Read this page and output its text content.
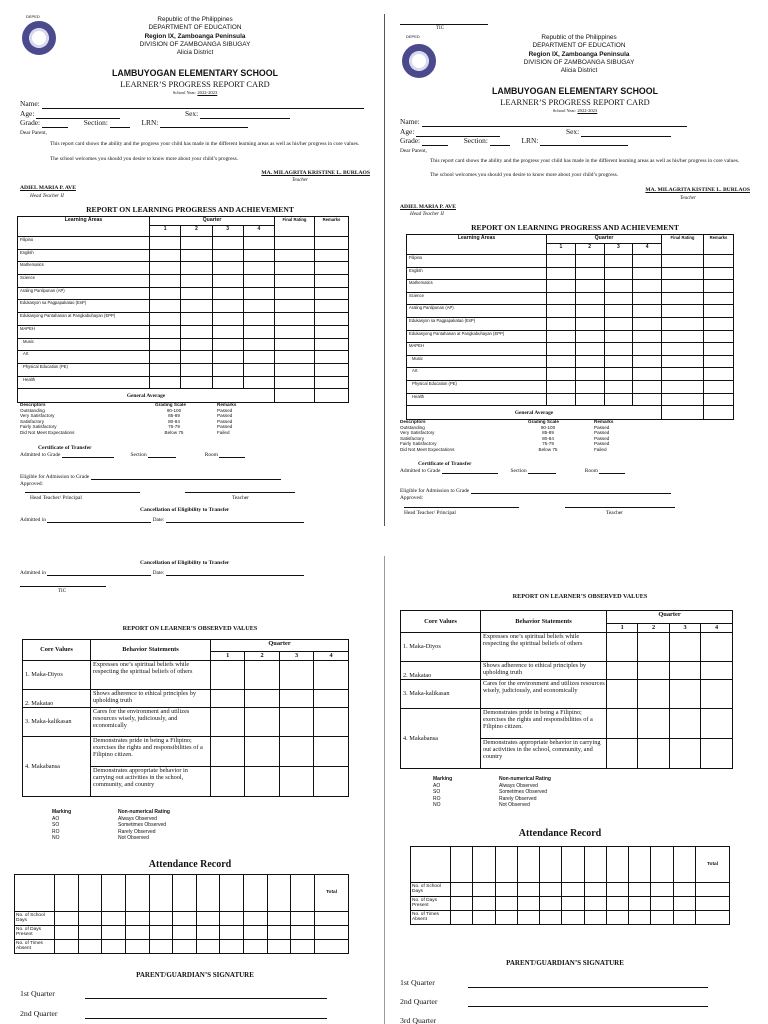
DEPED	Republic of the Philippines
DEPARTMENT OF EDUCATION
Region IX, Zamboanga Peninsula
DIVISION OF ZAMBOANGA SIBUGAY
Alicia District
LAMBUYOGAN ELEMENTARY SCHOOL
LEARNER’S PROGRESS REPORT CARD
School Year: 2022-2023
Name:
Age:	Sex:
Grade:	Section:	LRN:
Dear Parent,
This report card shows the ability and the progress your child has made in the different learning areas as well as his/her progress in core values.
The school welcomes you should you desire to know more about your child’s progress.
MA. MILAGRITA KRISTINE L. BURLAOS
Teacher
ADIEL MARIA P. AVE
Head Teacher II
REPORT ON LEARNING PROGRESS AND ACHIEVEMENT
Learning Areas	Quarter				Final Rating	Remarks
	1	2	3	4		
Filipino						
English						
Mathematics						
Science						
Araling Panlipunan (AP)						
Edukasyon sa Pagpapakatao (EsP)						
Edukasyong Pantahanan at Pangkabuhayan (EPP)						
MAPEH						
Music						
Art						
Physical Education (PE)						
Health						
General Average						
Descriptors	Grading Scale	Remarks
Outstanding	90-100	Passed
Very Satisfactory	85-89	Passed
Satisfactory	80-84	Passed
Fairly Satisfactory	75-79	Passed
Did Not Meet Expectations	Below 75	Failed
Certificate of Transfer
Admitted to Grade	Section	Room
Eligible for Admission to Grade
Approved:
Head Teacher/ Principal	Teacher
Cancellation of Eligibility to Transfer
Admitted in	Date:
TIC
DEPED	Republic of the Philippines
DEPARTMENT OF EDUCATION
Region IX, Zamboanga Peninsula
DIVISION OF ZAMBOANGA SIBUGAY
Alicia District
LAMBUYOGAN ELEMENTARY SCHOOL
LEARNER’S PROGRESS REPORT CARD
School Year: 2022-2023
Name:
Age:	Sex:
Grade:	Section:	LRN:
Dear Parent,
This report card shows the ability and the progress your child has made in the different learning areas as well as his/her progress in core values.
The school welcomes you should you desire to know more about your child’s progress.
MA. MILAGRITA KISTINE L. BURLAOS
Teacher
ADIEL MARIA P. AVE
Head Teacher II
REPORT ON LEARNING PROGRESS AND ACHIEVEMENT
Learning Areas	Quarter				Final Rating	Remarks
	1	2	3	4		
Filipino						
English						
Mathematics						
Science						
Araling Panlipunan (AP)						
Edukasyon sa Pagpapakatao (EsP)						
Edukasyong Pantahanan at Pangkabuhayan (EPP)						
MAPEH						
Music						
Art						
Physical Education (PE)						
Health						
General Average						
Descriptors	Grading Scale	Remarks
Outstanding	90-100	Passed
Very Satisfactory	85-89	Passed
Satisfactory	80-84	Passed
Fairly Satisfactory	75-79	Passed
Did Not Meet Expectations	Below 75	Failed
Certificate of Transfer
Admitted to Grade	Section	Room
Eligible for Admission to Grade
Approved:
Head Teacher/ Principal	Teacher
Cancellation of Eligibility to Transfer
Admitted in	Date:
TIC
REPORT ON LEARNER’S OBSERVED VALUES
Core Values	Behavior Statements	Quarter			
		1	2	3	4
1. Maka-Diyos	Expresses one’s spiritual beliefs while respecting the spiritual beliefs of others				
2. Makatao	Shows adherence to ethical principles by upholding truth				
3. Maka-kalikasan	Cares for the environment and utilizes resources wisely, judiciously, and economically				
4. Makabansa	Demonstrates pride in being a Filipino; exercises the rights and responsibilities of a Filipino citizen.				
	Demonstrates appropriate behavior in carrying out activities in the school, community, and country				
Marking	Non-numerical Rating
AO	Always Observed
SO	Sometimes Observed
RO	Rarely Observed
NO	Not Observed
Attendance Record
												Total
No. of School Days												
No. of Days Present												
No. of Times Absent												
PARENT/GUARDIAN’S SIGNATURE
1st Quarter
2nd Quarter
REPORT ON LEARNER’S OBSERVED VALUES
Core Values	Behavior Statements	Quarter			
		1	2	3	4
1. Maka-Diyos	Expresses one’s spiritual beliefs while respecting the spiritual beliefs of others				
2. Makatao	Shows adherence to ethical principles by upholding truth				
3. Maka-kalikasan	Cares for the environment and utilizes resources wisely, judiciously, and economically				
4. Makabansa	Demonstrates pride in being a Filipino; exercises the rights and responsibilities of a Filipino citizen.				
	Demonstrates appropriate behavior in carrying out activities in the school, community, and country				
Marking	Non-numerical Rating
AO	Always Observed
SO	Sometimes Observed
RO	Rarely Observed
NO	Not Observed
Attendance Record
												Total
No. of School Days												
No. of Days Present												
No. of Times Absent												
PARENT/GUARDIAN’S SIGNATURE
1st Quarter
2nd Quarter
3rd Quarter
